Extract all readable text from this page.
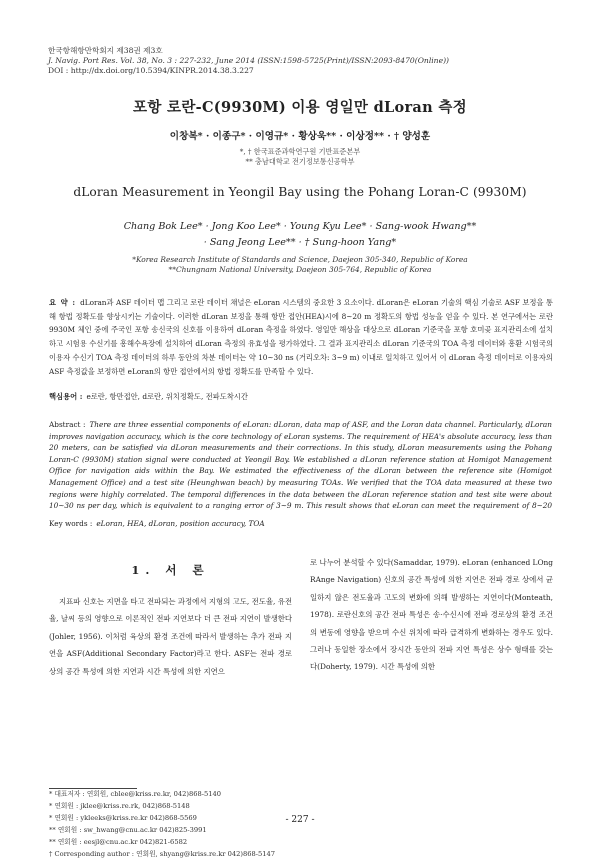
한국항해항만학회지 제38권 제3호
J. Navig. Port Res. Vol. 38, No. 3 : 227-232, June 2014 (ISSN:1598-5725(Print)/ISSN:2093-8470(Online))
DOI : http://dx.doi.org/10.5394/KINPR.2014.38.3.227
포항 로란-C(9930M) 이용 영일만 dLoran 측정
이창복* · 이종구* · 이영규* · 황상욱** · 이상정** · † 양성훈
*, † 한국표준과학연구원 기반표준본부
** 충남대학교 전기정보통신공학부
dLoran Measurement in Yeongil Bay using the Pohang Loran-C (9930M)
Chang Bok Lee* · Jong Koo Lee* · Young Kyu Lee* · Sang-wook Hwang**
· Sang Jeong Lee** · † Sung-hoon Yang*
*Korea Research Institute of Standards and Science, Daejeon 305-340, Republic of Korea
**Chungnam National University, Daejeon 305-764, Republic of Korea
요 약 : dLoran과 ASF 데이터 맵 그리고 로란 데이터 채널은 eLoran 시스템의 중요한 3 요소이다. dLoran은 eLoran 기술의 핵심 기술로 ASF 보정을 통해 항법 정확도를 향상시키는 기술이다. 이러한 dLoran 보정을 통해 항만 접안(HEA)시에 8~20 m 정확도의 항법 성능을 얻을 수 있다. 본 연구에서는 로란 9930M 체인 중에 주국인 포항 송신국의 신호를 이용하여 dLoran 측정을 하였다. 영일만 해상을 대상으로 dLoran 기준국을 포항 호미곶 표지관리소에 설치하고 시험용 수신기를 흥해수욕장에 설치하여 dLoran 측정의 유효성을 평가하였다. 그 결과 표지관리소 dLoran 기준국의 TOA 측정 데이터와 흥환 시험국의 이용자 수신기 TOA 측정 데이터의 하루 동안의 차분 데이터는 약 10~30 ns (거리오차: 3~9 m) 이내로 일치하고 있어서 이 dLoran 측정 데이터로 이용자의 ASF 측정값을 보정하면 eLoran의 항만 접안에서의 항법 정확도를 만족할 수 있다.
핵심용어 : e로란, 항만접안, d로란, 위치정확도, 전파도착시간
Abstract : There are three essential components of eLoran: dLoran, data map of ASF, and the Loran data channel. Particularly, dLoran improves navigation accuracy, which is the core technology of eLoran systems. The requirement of HEA's absolute accuracy, less than 20 meters, can be satisfied via dLoran measurements and their corrections. In this study, dLoran measurements using the Pohang Loran-C (9930M) station signal were conducted at Yeongil Bay. We established a dLoran reference station at Homigot Management Office for navigation aids within the Bay. We estimated the effectiveness of the dLoran between the reference site (Homigot Management Office) and a test site (Heunghwan beach) by measuring TOAs. We verified that the TOA data measured at these two regions were highly correlated. The temporal differences in the data between the dLoran reference station and test site were about 10~30 ns per day, which is equivalent to a ranging error of 3~9 m. This result shows that eLoran can meet the requirement of 8~20
Key words : eLoran, HEA, dLoran, position accuracy, TOA
1. 서 론

지표파 신호는 지면을 타고 전파되는 과정에서 지형의 고도, 전도율, 유전율, 날씨 등의 영향으로 이론적인 전파 지연보다 더 큰 전파 지연이 발생한다(Johler, 1956). 이처럼 육상의 환경 조건에 따라서 발생하는 추가 전파 지연을 ASF(Additional Secondary Factor)라고 한다. ASF는 전파 경로상의 공간 특성에 의한 지연과 시간 특성에 의한 지연으

로 나누어 분석할 수 있다(Samaddar, 1979). eLoran (enhanced LOng RAnge Navigation) 신호의 공간 특성에 의한 지연은 전파 경로 상에서 균일하지 않은 전도율과 고도의 변화에 의해 발생하는 지연이다(Monteath, 1978). 로란신호의 공간 전파 특성은 송·수신시에 전파 경로상의 환경 조건의 변동에 영향을 받으며 수신 위치에 따라 급격하게 변화하는 경우도 있다. 그러나 동일한 장소에서 장시간 동안의 전파 지연 특성은 상수 형태를 갖는다(Doherty, 1979). 시간 특성에 의한

* 대표저자 : 연회원, cblee@kriss.re.kr, 042)868-5140
* 연회원 : jklee@kriss.re.rk, 042)868-5148
* 연회원 : ykleeks@kriss.re.kr 042)868-5569
** 연회원 : sw_hwang@cnu.ac.kr 042)825-3991
** 연회원 : eesjl@cnu.ac.kr 042)821-6582
† Corresponding author : 연회원, shyang@kriss.re.kr 042)868-5147
- 227 -
